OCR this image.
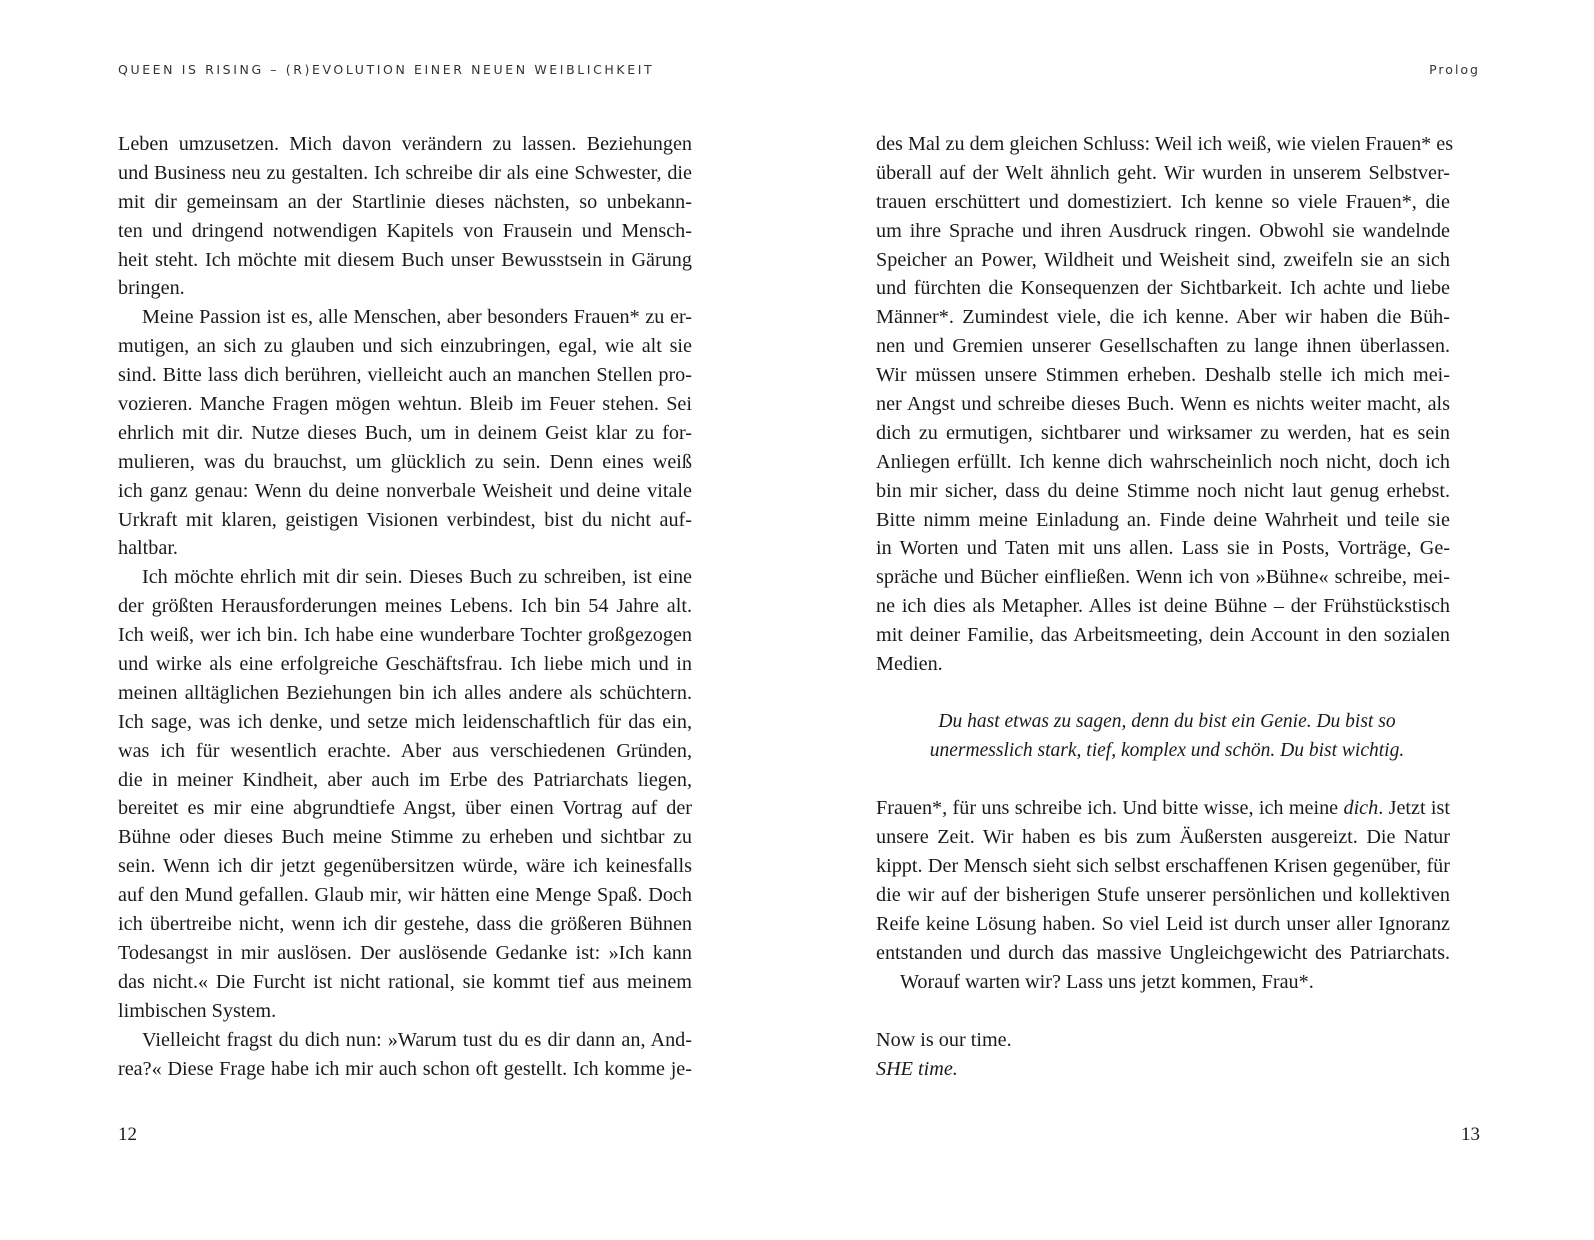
QUEEN IS RISING – (R)EVOLUTION EINER NEUEN WEIBLICHKEIT	Prolog
Leben umzusetzen. Mich davon verändern zu lassen. Beziehungen
und Business neu zu gestalten. Ich schreibe dir als eine Schwester, die
mit dir gemeinsam an der Startlinie dieses nächsten, so unbekann-
ten und dringend notwendigen Kapitels von Frausein und Mensch-
heit steht. Ich möchte mit diesem Buch unser Bewusstsein in Gärung
bringen.
Meine Passion ist es, alle Menschen, aber besonders Frauen* zu er-
mutigen, an sich zu glauben und sich einzubringen, egal, wie alt sie
sind. Bitte lass dich berühren, vielleicht auch an manchen Stellen pro-
vozieren. Manche Fragen mögen wehtun. Bleib im Feuer stehen. Sei
ehrlich mit dir. Nutze dieses Buch, um in deinem Geist klar zu for-
mulieren, was du brauchst, um glücklich zu sein. Denn eines weiß
ich ganz genau: Wenn du deine nonverbale Weisheit und deine vitale
Urkraft mit klaren, geistigen Visionen verbindest, bist du nicht auf-
haltbar.
Ich möchte ehrlich mit dir sein. Dieses Buch zu schreiben, ist eine
der größten Herausforderungen meines Lebens. Ich bin 54 Jahre alt.
Ich weiß, wer ich bin. Ich habe eine wunderbare Tochter großgezogen
und wirke als eine erfolgreiche Geschäftsfrau. Ich liebe mich und in
meinen alltäglichen Beziehungen bin ich alles andere als schüchtern.
Ich sage, was ich denke, und setze mich leidenschaftlich für das ein,
was ich für wesentlich erachte. Aber aus verschiedenen Gründen,
die in meiner Kindheit, aber auch im Erbe des Patriarchats liegen,
bereitet es mir eine abgrundtiefe Angst, über einen Vortrag auf der
Bühne oder dieses Buch meine Stimme zu erheben und sichtbar zu
sein. Wenn ich dir jetzt gegenübersitzen würde, wäre ich keinesfalls
auf den Mund gefallen. Glaub mir, wir hätten eine Menge Spaß. Doch
ich übertreibe nicht, wenn ich dir gestehe, dass die größeren Bühnen
Todesangst in mir auslösen. Der auslösende Gedanke ist: »Ich kann
das nicht.« Die Furcht ist nicht rational, sie kommt tief aus meinem
limbischen System.
Vielleicht fragst du dich nun: »Warum tust du es dir dann an, And-
rea?« Diese Frage habe ich mir auch schon oft gestellt. Ich komme je-
12
des Mal zu dem gleichen Schluss: Weil ich weiß, wie vielen Frauen* es
überall auf der Welt ähnlich geht. Wir wurden in unserem Selbstver-
trauen erschüttert und domestiziert. Ich kenne so viele Frauen*, die
um ihre Sprache und ihren Ausdruck ringen. Obwohl sie wandelnde
Speicher an Power, Wildheit und Weisheit sind, zweifeln sie an sich
und fürchten die Konsequenzen der Sichtbarkeit. Ich achte und liebe
Männer*. Zumindest viele, die ich kenne. Aber wir haben die Büh-
nen und Gremien unserer Gesellschaften zu lange ihnen überlassen.
Wir müssen unsere Stimmen erheben. Deshalb stelle ich mich mei-
ner Angst und schreibe dieses Buch. Wenn es nichts weiter macht, als
dich zu ermutigen, sichtbarer und wirksamer zu werden, hat es sein
Anliegen erfüllt. Ich kenne dich wahrscheinlich noch nicht, doch ich
bin mir sicher, dass du deine Stimme noch nicht laut genug erhebst.
Bitte nimm meine Einladung an. Finde deine Wahrheit und teile sie
in Worten und Taten mit uns allen. Lass sie in Posts, Vorträge, Ge-
spräche und Bücher einfließen. Wenn ich von »Bühne« schreibe, mei-
ne ich dies als Metapher. Alles ist deine Bühne – der Frühstückstisch
mit deiner Familie, das Arbeitsmeeting, dein Account in den sozialen
Medien.
Du hast etwas zu sagen, denn du bist ein Genie. Du bist so
unermesslich stark, tief, komplex und schön. Du bist wichtig.
Frauen*, für uns schreibe ich. Und bitte wisse, ich meine dich. Jetzt ist
unsere Zeit. Wir haben es bis zum Äußersten ausgereizt. Die Natur
kippt. Der Mensch sieht sich selbst erschaffenen Krisen gegenüber, für
die wir auf der bisherigen Stufe unserer persönlichen und kollektiven
Reife keine Lösung haben. So viel Leid ist durch unser aller Ignoranz
entstanden und durch das massive Ungleichgewicht des Patriarchats.
Worauf warten wir? Lass uns jetzt kommen, Frau*.
Now is our time.
SHE time.
13
